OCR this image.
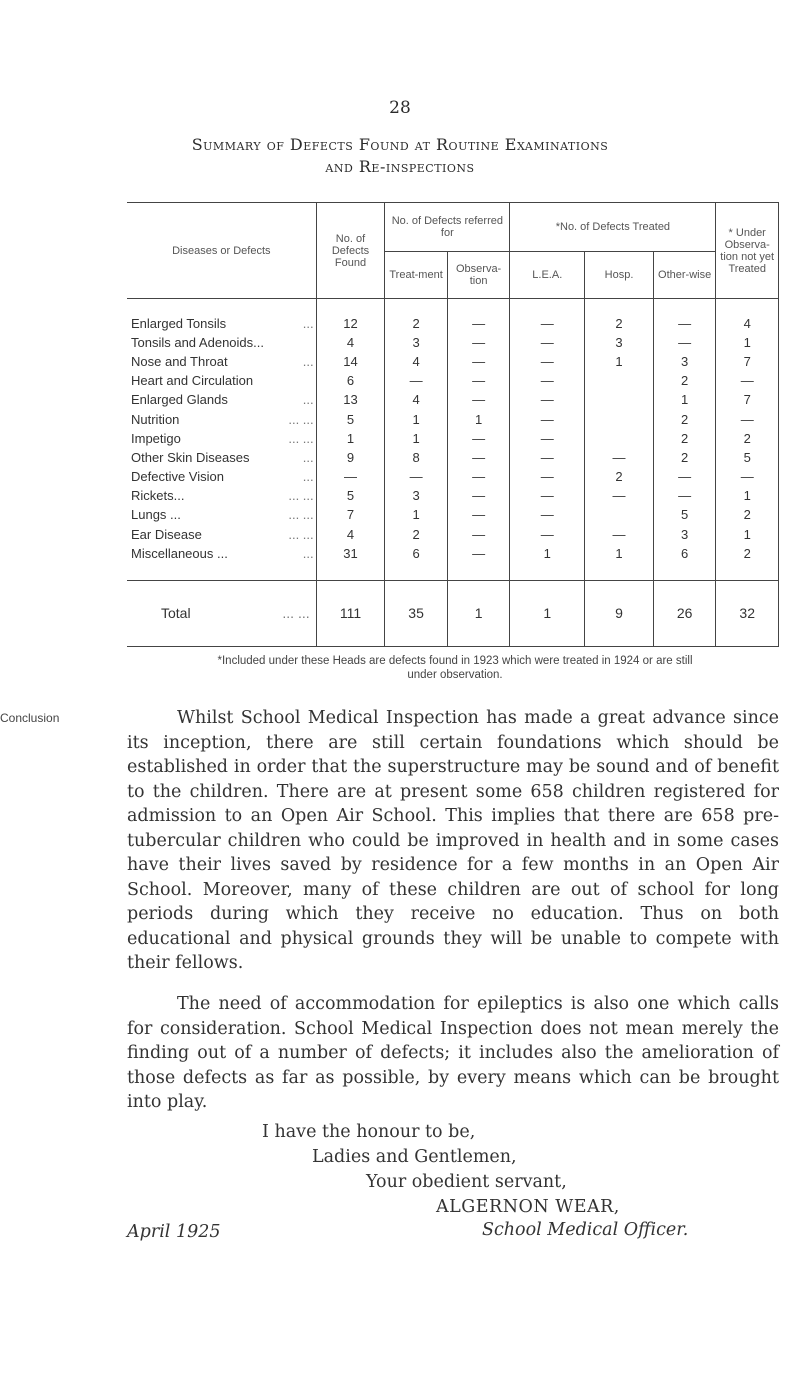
28
Summary of Defects Found at Routine Examinations
and Re-inspections
Diseases or Defects	No. of Defects Found	No. of Defects referred for		*No. of Defects Treated			* Under Observa-tion not yet Treated
		Treat-ment	Observa-tion	L.E.A.	Hosp.	Other-wise	

Enlarged Tonsils ...	12	2	—	—	2	—	4
Tonsils and Adenoids...	4	3	—	—	3	—	1
Nose and Throat ...	14	4	—	—	1	3	7
Heart and Circulation	6	—	—	—		2	—
Enlarged Glands ...	13	4	—	—		1	7
Nutrition ... ...	5	1	1	—		2	—
Impetigo ... ...	1	1	—	—		2	2
Other Skin Diseases ...	9	8	—	—	—	2	5
Defective Vision ...	—	—	—	—	2	—	—
Rickets... ... ...	5	3	—	—	—	—	1
Lungs ... ... ...	7	1	—	—		5	2
Ear Disease ... ...	4	2	—	—	—	3	1
Miscellaneous ... ...	31	6	—	1	1	6	2

Total ... ...	111	35	1	1	9	26	32
*Included under these Heads are defects found in 1923 which were treated in 1924 or are still
under observation.
Conclusion	Whilst School Medical Inspection has made a great advance since its inception, there are still certain foundations which should be established in order that the superstructure may be sound and of benefit to the children. There are at present some 658 children registered for admission to an Open Air School. This implies that there are 658 pre-tubercular children who could be improved in health and in some cases have their lives saved by residence for a few months in an Open Air School. Moreover, many of these children are out of school for long periods during which they receive no education. Thus on both educational and physical grounds they will be unable to compete with their fellows.
The need of accommodation for epileptics is also one which calls for consideration. School Medical Inspection does not mean merely the finding out of a number of defects; it includes also the amelioration of those defects as far as possible, by every means which can be brought into play.
I have the honour to be,
Ladies and Gentlemen,
Your obedient servant,
ALGERNON WEAR,
April 1925	School Medical Officer.
